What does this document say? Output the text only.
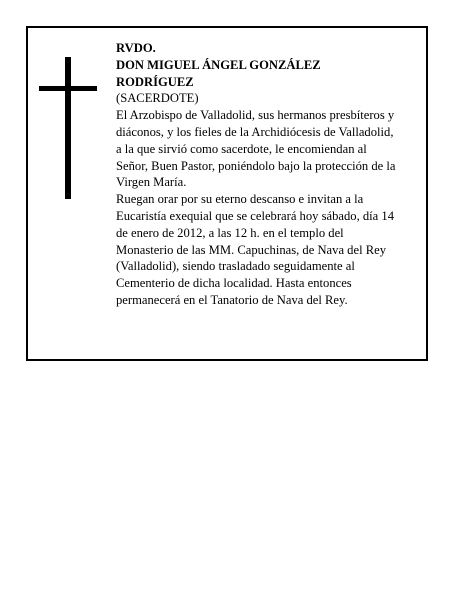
RVDO.
DON MIGUEL ÁNGEL GONZÁLEZ
RODRÍGUEZ
(SACERDOTE)

El Arzobispo de Valladolid, sus hermanos presbíteros y
diáconos, y los fieles de la Archidiócesis de Valladolid,
a la que sirvió como sacerdote, le encomiendan al
Señor, Buen Pastor, poniéndolo bajo la protección de la
Virgen María.

Ruegan orar por su eterno descanso e invitan a la
Eucaristía exequial que se celebrará hoy sábado, día 14
de enero de 2012, a las 12 h. en el templo del
Monasterio de las MM. Capuchinas, de Nava del Rey
(Valladolid), siendo trasladado seguidamente al
Cementerio de dicha localidad. Hasta entonces
permanecerá en el Tanatorio de Nava del Rey.
